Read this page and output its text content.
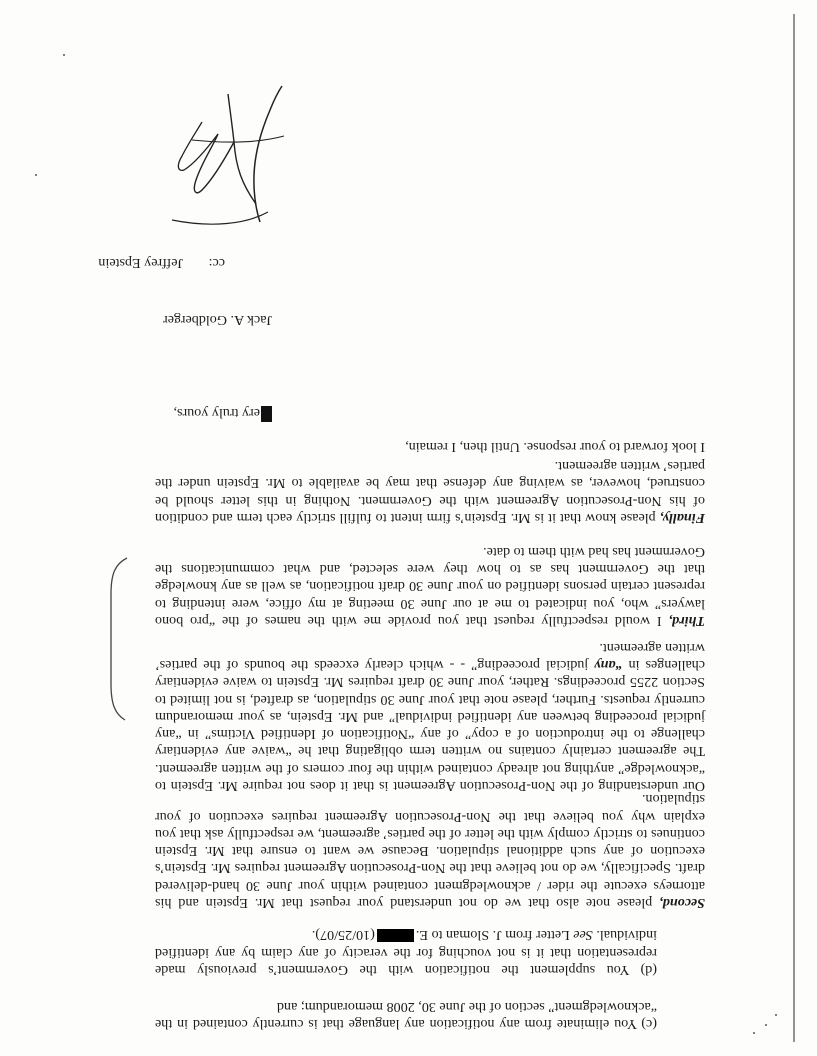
(c) You eliminate from any notification any language that is currently contained in the “acknowledgment” section of the June 30, 2008 memorandum; and

(d) You supplement the notification with the Government’s previously made representation that it is not vouching for the veracity of any claim by any identified individual. See Letter from J. Sloman to E.(10/25/07).

Second, please note also that we do not understand your request that Mr. Epstein and his attorneys execute the rider / acknowledgment contained within your June 30 hand-delivered draft. Specifically, we do not believe that the Non-Prosecution Agreement requires Mr. Epstein’s execution of any such additional stipulation. Because we want to ensure that Mr. Epstein continues to strictly comply with the letter of the parties’ agreement, we respectfully ask that you explain why you believe that the Non-Prosecution Agreement requires execution of your stipulation.

Our understanding of the Non-Prosecution Agreement is that it does not require Mr. Epstein to “acknowledge” anything not already contained within the four corners of the written agreement. The agreement certainly contains no written term obligating that he “waive any evidentiary challenge to the introduction of a copy” of any “Notification of Identified Victims” in “any judicial proceeding between any identified individual” and Mr. Epstein, as your memorandum currently requests. Further, please note that your June 30 stipulation, as drafted, is not limited to Section 2255 proceedings. Rather, your June 30 draft requires Mr. Epstein to waive evidentiary challenges in “any judicial proceeding” - - which clearly exceeds the bounds of the parties’ written agreement.

Third, I would respectfully request that you provide me with the names of the “pro bono lawyers” who, you indicated to me at our June 30 meeting at my office, were intending to represent certain persons identified on your June 30 draft notification, as well as any knowledge that the Government has as to how they were selected, and what communications the Government has had with them to date.

Finally, please know that it is Mr. Epstein’s firm intent to fulfill strictly each term and condition of his Non-Prosecution Agreement with the Government. Nothing in this letter should be construed, however, as waiving any defense that may be available to Mr. Epstein under the parties’ written agreement.

I look forward to your response. Until then, I remain,

ery truly yours,

Jack A. Goldberger

cc: Jeffrey Epstein
